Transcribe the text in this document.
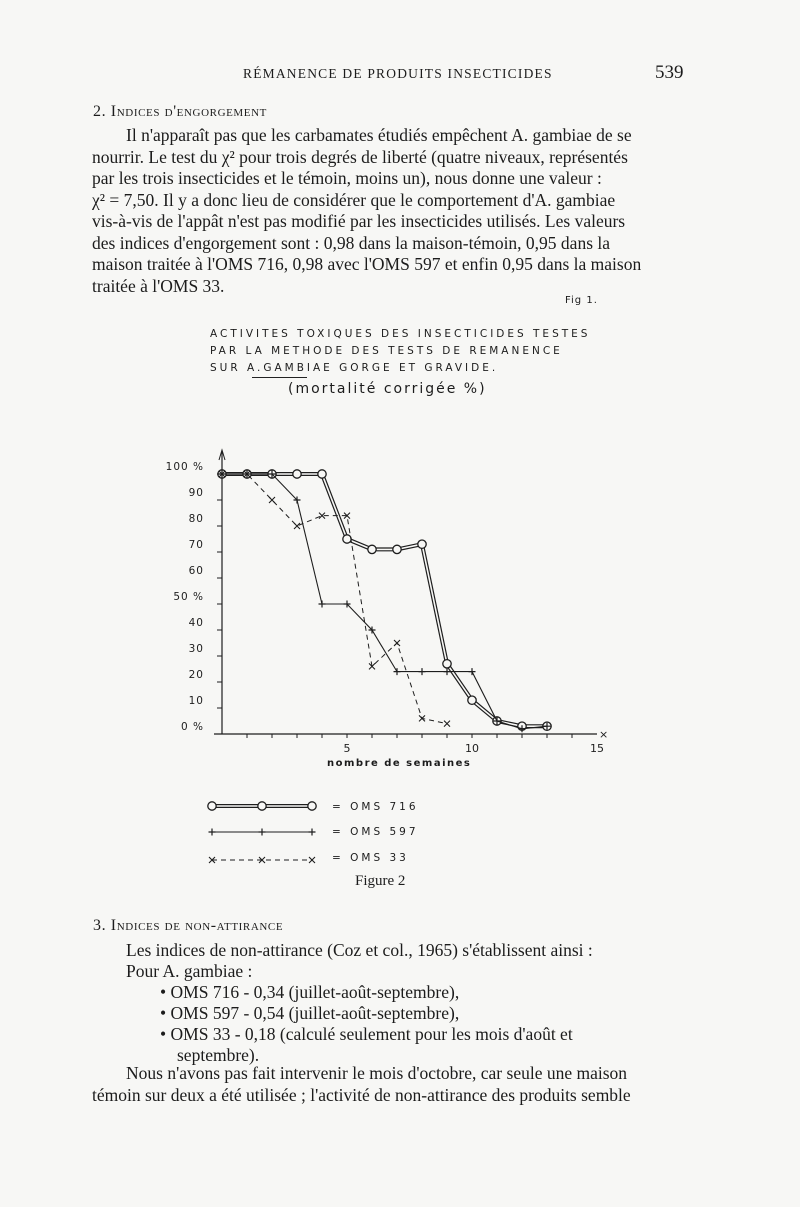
RÉMANENCE DE PRODUITS INSECTICIDES	539
2. Indices d'engorgement
Il n'apparaît pas que les carbamates étudiés empêchent A. gambiae de se
nourrir. Le test du χ² pour trois degrés de liberté (quatre niveaux, représentés
par les trois insecticides et le témoin, moins un), nous donne une valeur :
χ² = 7,50. Il y a donc lieu de considérer que le comportement d'A. gambiae
vis-à-vis de l'appât n'est pas modifié par les insecticides utilisés. Les valeurs
des indices d'engorgement sont : 0,98 dans la maison-témoin, 0,95 dans la
maison traitée à l'OMS 716, 0,98 avec l'OMS 597 et enfin 0,95 dans la maison
traitée à l'OMS 33.
Fig 1.
ACTIVITES TOXIQUES DES INSECTICIDES TESTES
PAR LA METHODE DES TESTS DE REMANENCE
SUR A.GAMBIAE GORGE ET GRAVIDE.
(mortalité corrigée %)
×
5	10	15
100 %
90
80
70
60
50 %
40
30
20
10
0 %
nombre de semaines
= OMS 716
= OMS 597
= OMS 33
Figure 2
3. Indices de non-attirance
Les indices de non-attirance (Coz et col., 1965) s'établissent ainsi :
Pour A. gambiae :
• OMS 716 - 0,34 (juillet-août-septembre),
• OMS 597 - 0,54 (juillet-août-septembre),
• OMS 33 - 0,18 (calculé seulement pour les mois d'août et
septembre).
Nous n'avons pas fait intervenir le mois d'octobre, car seule une maison
témoin sur deux a été utilisée ; l'activité de non-attirance des produits semble
